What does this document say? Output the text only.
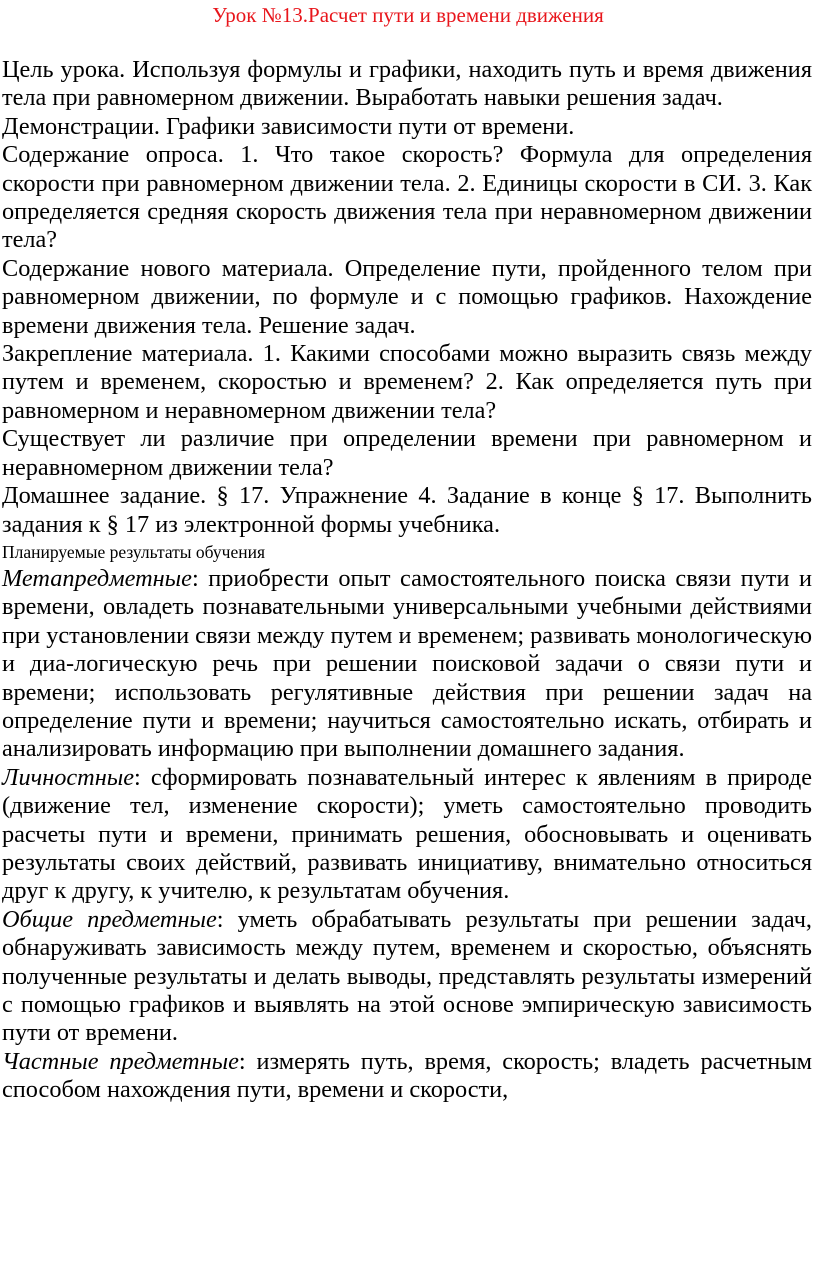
Урок №13.Расчет пути и времени движения

Цель урока. Используя формулы и графики, находить путь и время движения тела при равномерном движении. Выработать навыки решения задач.

Демонстрации. Графики зависимости пути от времени.

Содержание опроса. 1. Что такое скорость? Формула для определения скорости при равномерном движении тела. 2. Единицы скорости в СИ. 3. Как определяется средняя скорость движения тела при неравномерном движении тела?

Содержание нового материала. Определение пути, пройденного телом при равномерном движении, по формуле и с помощью графиков. Нахождение времени движения тела. Решение задач.

Закрепление материала. 1. Какими способами можно выразить связь между путем и временем, скоростью и временем? 2. Как определяется путь при равномерном и неравномерном движении тела?

Существует ли различие при определении времени при равномерном и неравномерном движении тела?

Домашнее задание. § 17. Упражнение 4. Задание в конце § 17. Выполнить задания к § 17 из электронной формы учебника.

Планируемые результаты обучения

Метапредметные: приобрести опыт самостоятельного поиска связи пути и времени, овладеть познавательными универсальными учебными действиями при установлении связи между путем и временем; развивать монологическую и диа-логическую речь при решении поисковой задачи о связи пути и времени; использовать регулятивные действия при решении задач на определение пути и времени; научиться самостоятельно искать, отбирать и анализировать информацию при выполнении домашнего задания.

Личностные: сформировать познавательный интерес к явлениям в природе (движение тел, изменение скорости); уметь самостоятельно проводить расчеты пути и времени, принимать решения, обосновывать и оценивать результаты своих действий, развивать инициативу, внимательно относиться друг к другу, к учителю, к результатам обучения.

Общие предметные: уметь обрабатывать результаты при решении задач, обнаруживать зависимость между путем, временем и скоростью, объяснять полученные результаты и делать выводы, представлять результаты измерений с помощью графиков и выявлять на этой основе эмпирическую зависимость пути от времени.

Частные предметные: измерять путь, время, скорость; владеть расчетным способом нахождения пути, времени и скорости,
